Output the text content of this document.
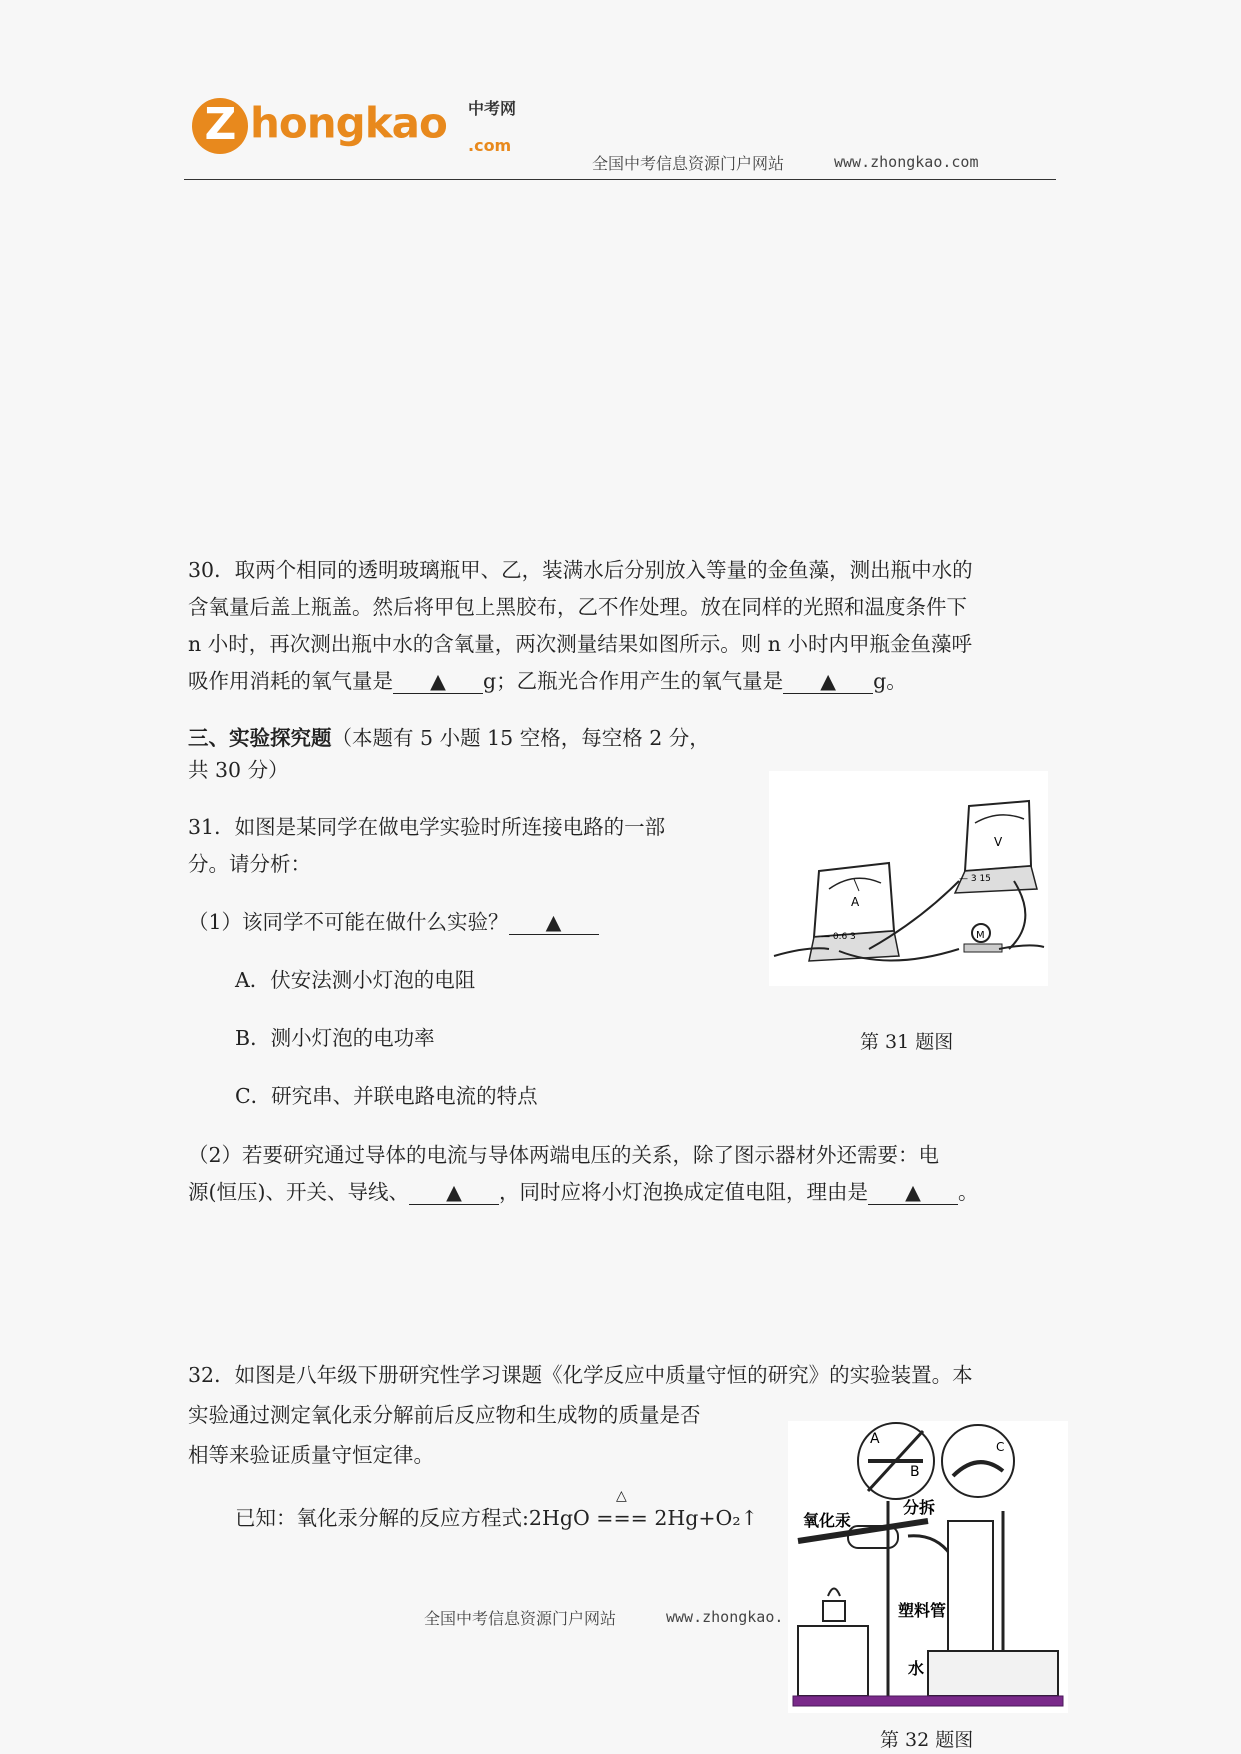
Z hongkao	中考网
.com
全国中考信息资源门户网站	www.zhongkao.com
30．取两个相同的透明玻璃瓶甲、乙，装满水后分别放入等量的金鱼藻，测出瓶中水的
含氧量后盖上瓶盖。然后将甲包上黑胶布，乙不作处理。放在同样的光照和温度条件下
n 小时，再次测出瓶中水的含氧量，两次测量结果如图所示。则 n 小时内甲瓶金鱼藻呼
吸作用消耗的氧气量是 ▲ g；乙瓶光合作用产生的氧气量是 ▲ g。
三、实验探究题（本题有 5 小题 15 空格，每空格 2 分，
共 30 分）
31．如图是某同学在做电学实验时所连接电路的一部
分。请分析：
（1）该同学不可能在做什么实验？ ▲
A．伏安法测小灯泡的电阻
B．测小灯泡的电功率
C．研究串、并联电路电流的特点
A
— 0.6 3
V
— 3 15
M
第 31 题图
（2）若要研究通过导体的电流与导体两端电压的关系，除了图示器材外还需要：电
源(恒压)、开关、导线、 ▲ ，同时应将小灯泡换成定值电阻，理由是 ▲ 。
32．如图是八年级下册研究性学习课题《化学反应中质量守恒的研究》的实验装置。本
实验通过测定氧化汞分解前后反应物和生成物的质量是否
相等来验证质量守恒定律。
已知：氧化汞分解的反应方程式:2HgO === 2Hg+O₂↑
△
A
B
C
氧化汞
分拆
塑料管
水
第 32 题图
全国中考信息资源门户网站	www.zhongkao.
